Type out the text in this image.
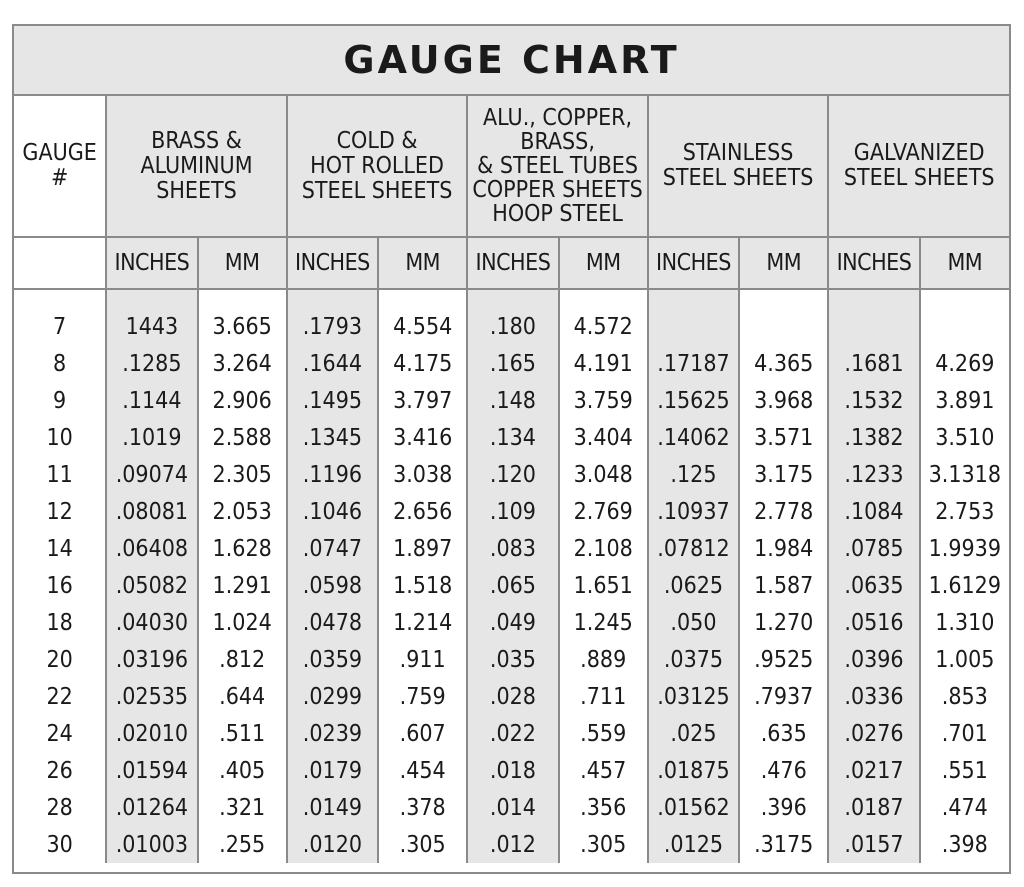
GAUGE CHART
GAUGE
#	BRASS &
ALUMINUM
SHEETS		COLD &
HOT ROLLED
STEEL SHEETS		ALU., COPPER,
BRASS,
& STEEL TUBES
COPPER SHEETS
HOOP STEEL		STAINLESS
STEEL SHEETS		GALVANIZED
STEEL SHEETS	

	INCHES	MM	INCHES	MM	INCHES	MM	INCHES	MM	INCHES	MM
7	1443	3.665	.1793	4.554	.180	4.572				
8	.1285	3.264	.1644	4.175	.165	4.191	.17187	4.365	.1681	4.269
9	.1144	2.906	.1495	3.797	.148	3.759	.15625	3.968	.1532	3.891
10	.1019	2.588	.1345	3.416	.134	3.404	.14062	3.571	.1382	3.510
11	.09074	2.305	.1196	3.038	.120	3.048	.125	3.175	.1233	3.1318
12	.08081	2.053	.1046	2.656	.109	2.769	.10937	2.778	.1084	2.753
14	.06408	1.628	.0747	1.897	.083	2.108	.07812	1.984	.0785	1.9939
16	.05082	1.291	.0598	1.518	.065	1.651	.0625	1.587	.0635	1.6129
18	.04030	1.024	.0478	1.214	.049	1.245	.050	1.270	.0516	1.310
20	.03196	.812	.0359	.911	.035	.889	.0375	.9525	.0396	1.005
22	.02535	.644	.0299	.759	.028	.711	.03125	.7937	.0336	.853
24	.02010	.511	.0239	.607	.022	.559	.025	.635	.0276	.701
26	.01594	.405	.0179	.454	.018	.457	.01875	.476	.0217	.551
28	.01264	.321	.0149	.378	.014	.356	.01562	.396	.0187	.474
30	.01003	.255	.0120	.305	.012	.305	.0125	.3175	.0157	.398
